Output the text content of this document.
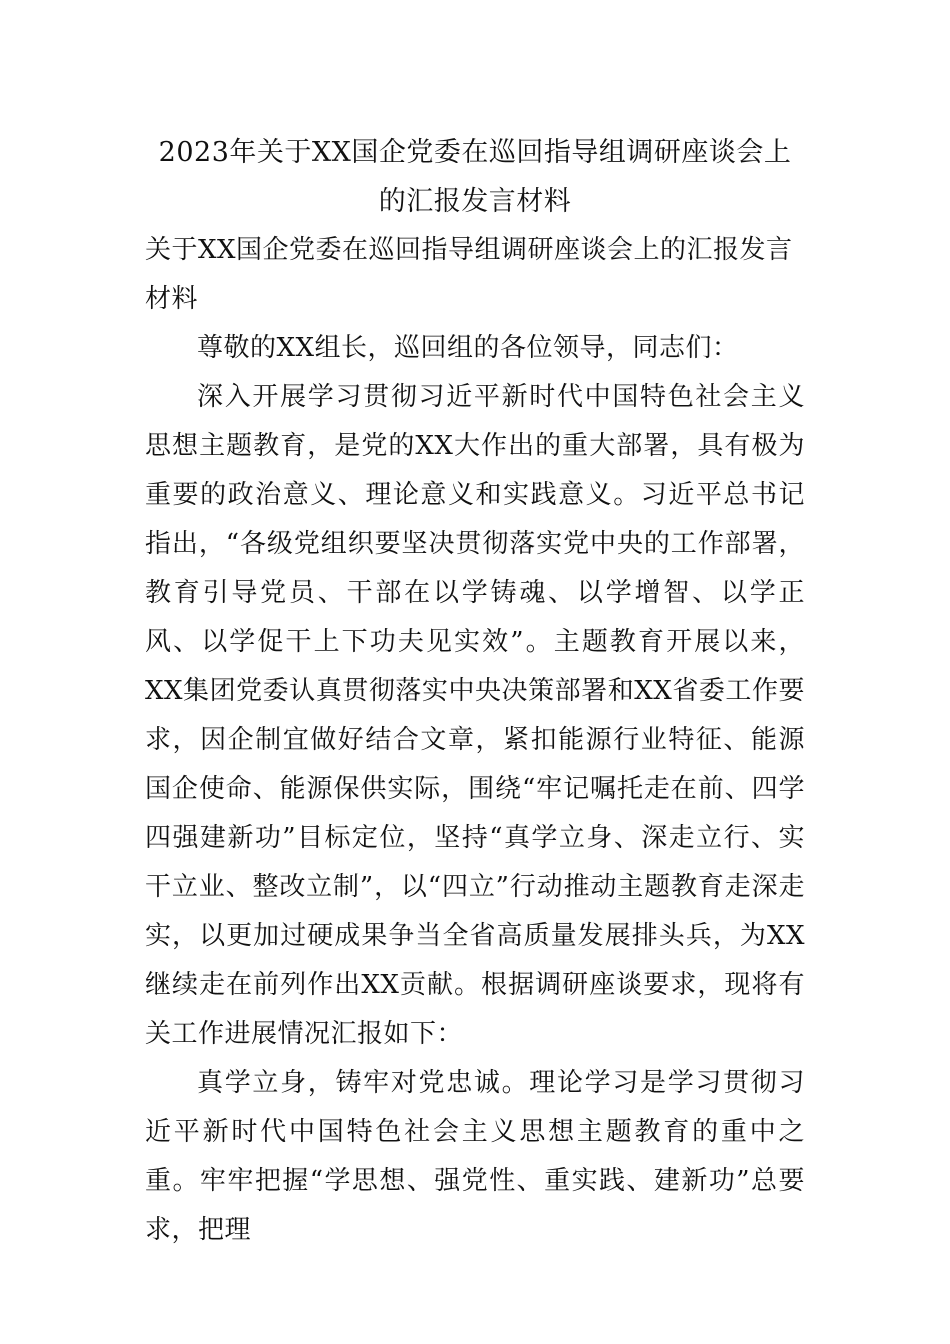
2023年关于XX国企党委在巡回指导组调研座谈会上的汇报发言材料

关于XX国企党委在巡回指导组调研座谈会上的汇报发言材料

尊敬的XX组长，巡回组的各位领导，同志们：

深入开展学习贯彻习近平新时代中国特色社会主义思想主题教育，是党的XX大作出的重大部署，具有极为重要的政治意义、理论意义和实践意义。习近平总书记指出，“各级党组织要坚决贯彻落实党中央的工作部署，教育引导党员、干部在以学铸魂、以学增智、以学正风、以学促干上下功夫见实效”。主题教育开展以来，XX集团党委认真贯彻落实中央决策部署和XX省委工作要求，因企制宜做好结合文章，紧扣能源行业特征、能源国企使命、能源保供实际，围绕“牢记嘱托走在前、四学四强建新功”目标定位，坚持“真学立身、深走立行、实干立业、整改立制”，以“四立”行动推动主题教育走深走实，以更加过硬成果争当全省高质量发展排头兵，为XX继续走在前列作出XX贡献。根据调研座谈要求，现将有关工作进展情况汇报如下：

真学立身，铸牢对党忠诚。理论学习是学习贯彻习近平新时代中国特色社会主义思想主题教育的重中之重。牢牢把握“学思想、强党性、重实践、建新功”总要求，把理
